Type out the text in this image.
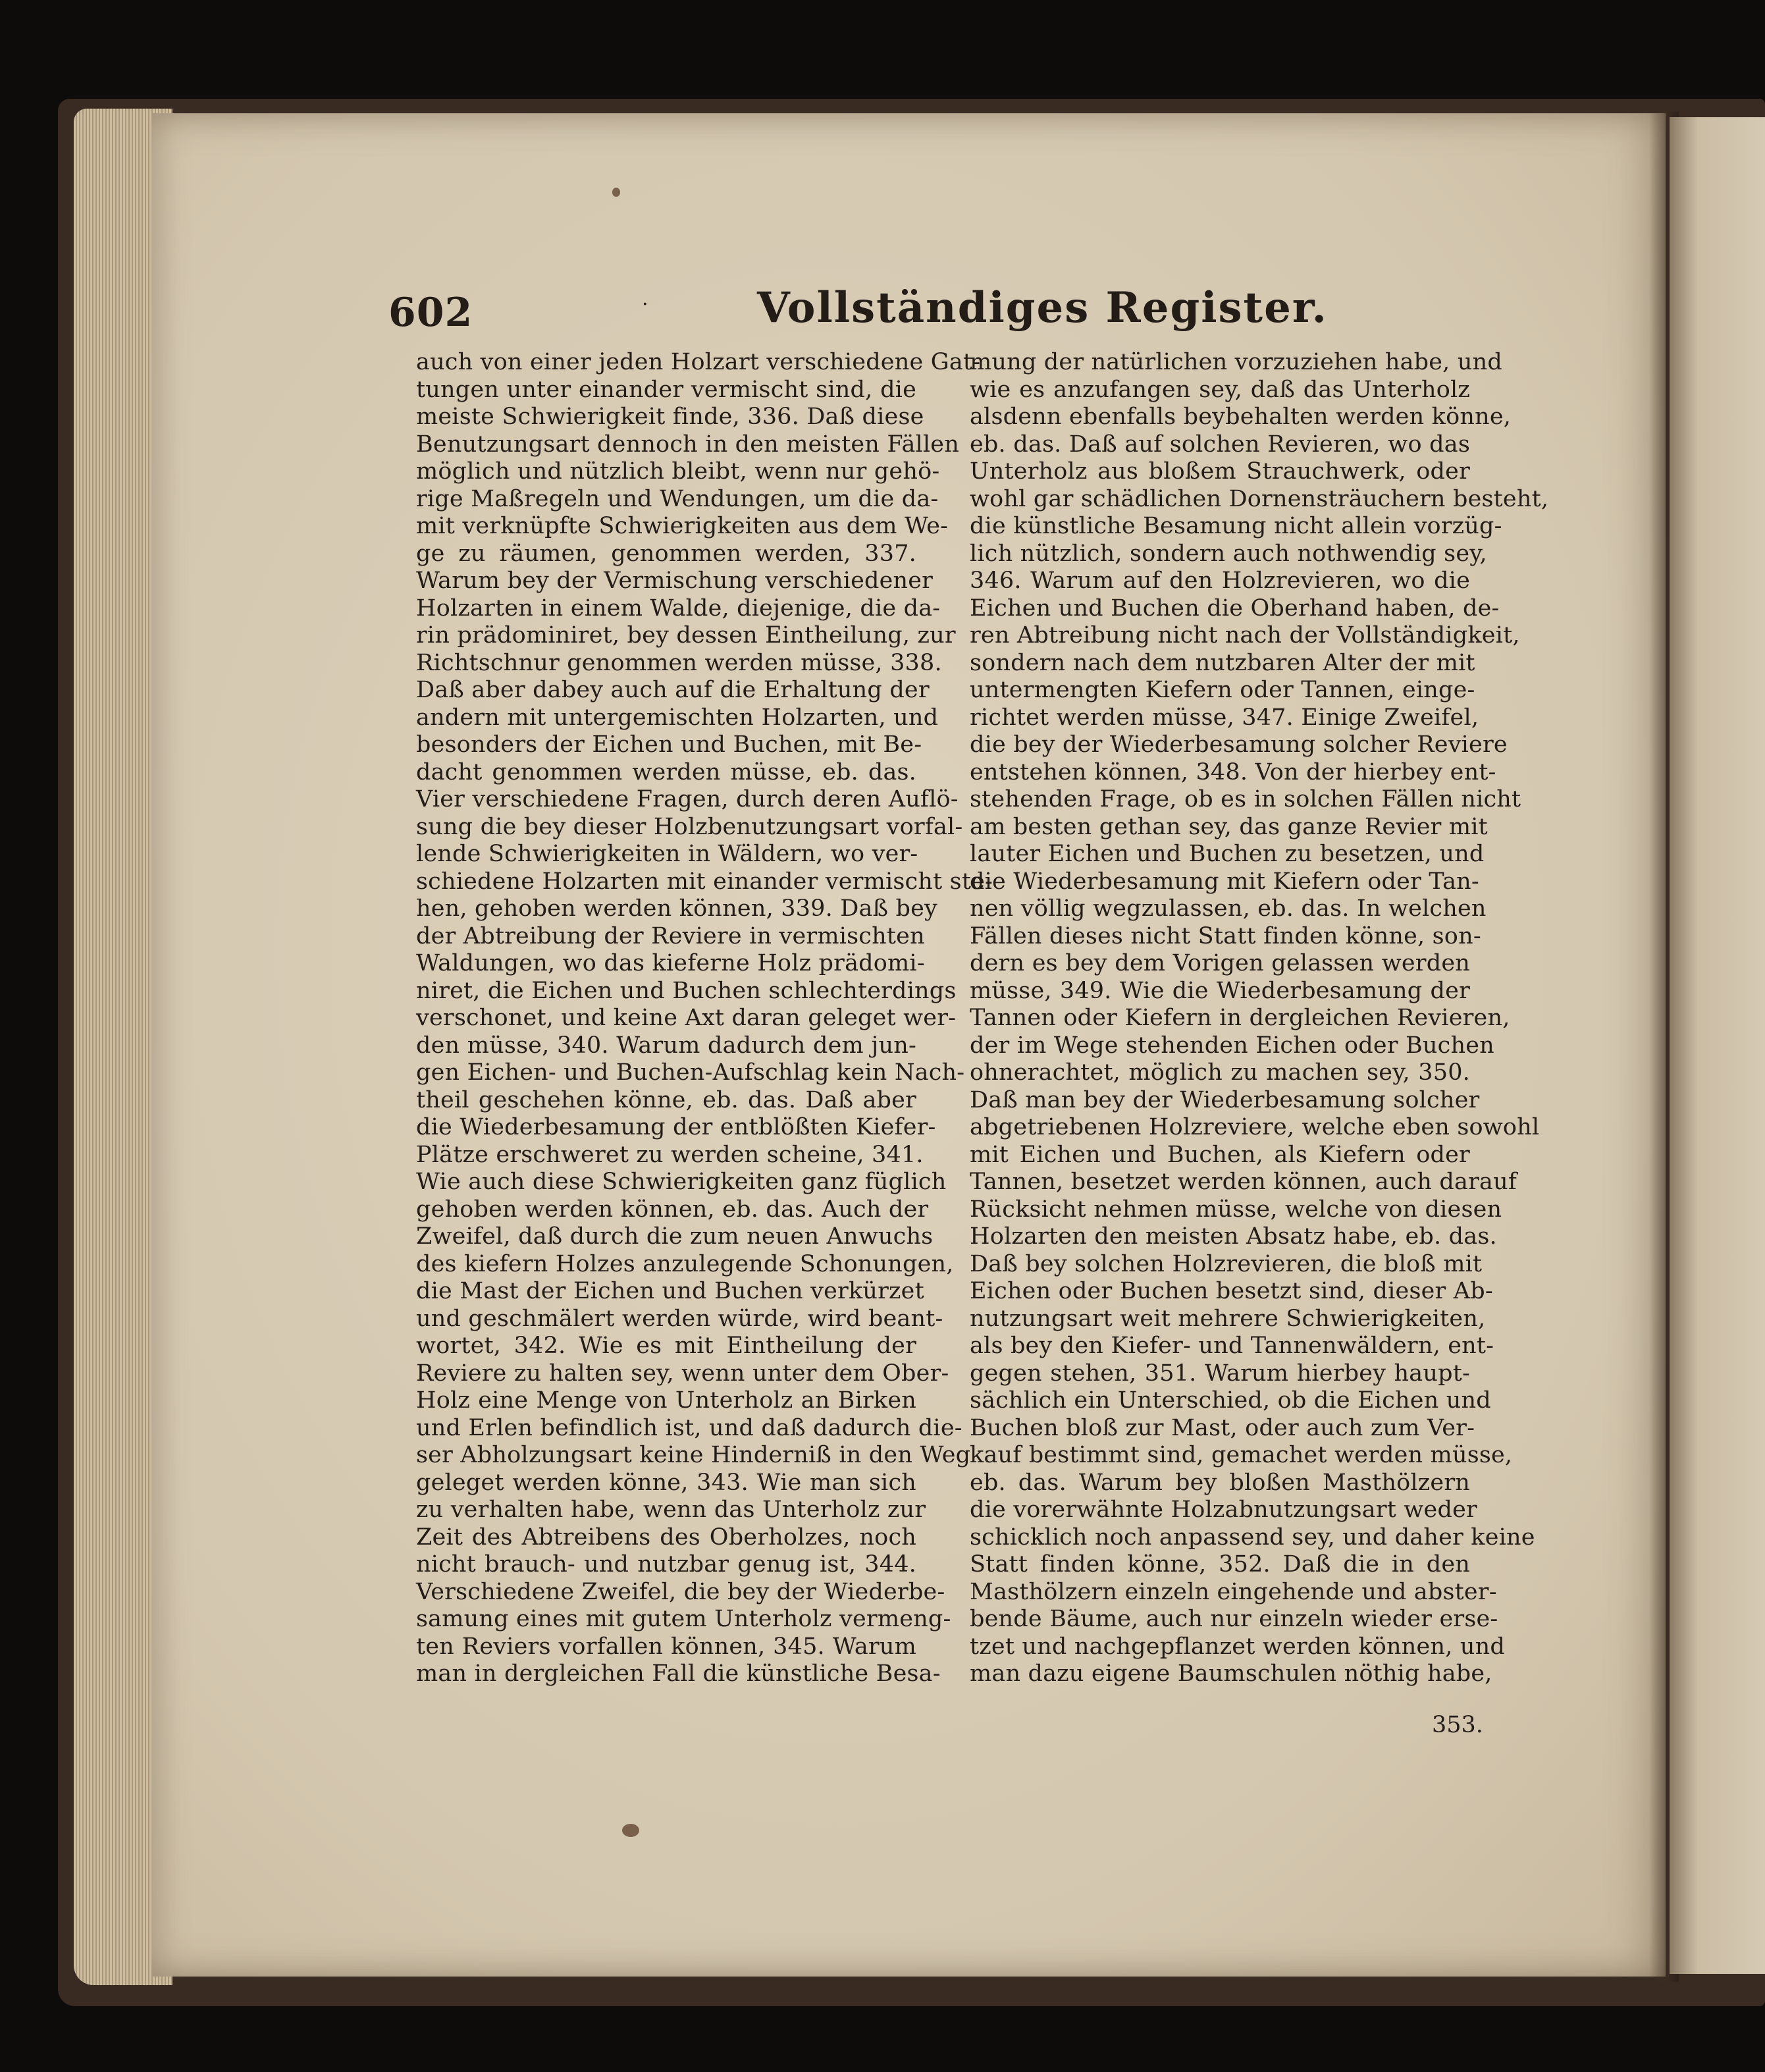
602	·	Vollständiges Register.
auch von einer jeden Holzart verschiedene Gat-
tungen unter einander vermischt sind, die
meiste Schwierigkeit finde, 336. Daß diese
Benutzungsart dennoch in den meisten Fällen
möglich und nützlich bleibt, wenn nur gehö-
rige Maßregeln und Wendungen, um die da-
mit verknüpfte Schwierigkeiten aus dem We-
ge zu räumen, genommen werden, 337.
Warum bey der Vermischung verschiedener
Holzarten in einem Walde, diejenige, die da-
rin prädominiret, bey dessen Eintheilung, zur
Richtschnur genommen werden müsse, 338.
Daß aber dabey auch auf die Erhaltung der
andern mit untergemischten Holzarten, und
besonders der Eichen und Buchen, mit Be-
dacht genommen werden müsse, eb. das.
Vier verschiedene Fragen, durch deren Auflö-
sung die bey dieser Holzbenutzungsart vorfal-
lende Schwierigkeiten in Wäldern, wo ver-
schiedene Holzarten mit einander vermischt ste-
hen, gehoben werden können, 339. Daß bey
der Abtreibung der Reviere in vermischten
Waldungen, wo das kieferne Holz prädomi-
niret, die Eichen und Buchen schlechterdings
verschonet, und keine Axt daran geleget wer-
den müsse, 340. Warum dadurch dem jun-
gen Eichen- und Buchen-Aufschlag kein Nach-
theil geschehen könne, eb. das. Daß aber
die Wiederbesamung der entblößten Kiefer-
Plätze erschweret zu werden scheine, 341.
Wie auch diese Schwierigkeiten ganz füglich
gehoben werden können, eb. das. Auch der
Zweifel, daß durch die zum neuen Anwuchs
des kiefern Holzes anzulegende Schonungen,
die Mast der Eichen und Buchen verkürzet
und geschmälert werden würde, wird beant-
wortet, 342. Wie es mit Eintheilung der
Reviere zu halten sey, wenn unter dem Ober-
Holz eine Menge von Unterholz an Birken
und Erlen befindlich ist, und daß dadurch die-
ser Abholzungsart keine Hinderniß in den Weg
geleget werden könne, 343. Wie man sich
zu verhalten habe, wenn das Unterholz zur
Zeit des Abtreibens des Oberholzes, noch
nicht brauch- und nutzbar genug ist, 344.
Verschiedene Zweifel, die bey der Wiederbe-
samung eines mit gutem Unterholz vermeng-
ten Reviers vorfallen können, 345. Warum
man in dergleichen Fall die künstliche Besa-
mung der natürlichen vorzuziehen habe, und
wie es anzufangen sey, daß das Unterholz
alsdenn ebenfalls beybehalten werden könne,
eb. das. Daß auf solchen Revieren, wo das
Unterholz aus bloßem Strauchwerk, oder
wohl gar schädlichen Dornensträuchern besteht,
die künstliche Besamung nicht allein vorzüg-
lich nützlich, sondern auch nothwendig sey,
346. Warum auf den Holzrevieren, wo die
Eichen und Buchen die Oberhand haben, de-
ren Abtreibung nicht nach der Vollständigkeit,
sondern nach dem nutzbaren Alter der mit
untermengten Kiefern oder Tannen, einge-
richtet werden müsse, 347. Einige Zweifel,
die bey der Wiederbesamung solcher Reviere
entstehen können, 348. Von der hierbey ent-
stehenden Frage, ob es in solchen Fällen nicht
am besten gethan sey, das ganze Revier mit
lauter Eichen und Buchen zu besetzen, und
die Wiederbesamung mit Kiefern oder Tan-
nen völlig wegzulassen, eb. das. In welchen
Fällen dieses nicht Statt finden könne, son-
dern es bey dem Vorigen gelassen werden
müsse, 349. Wie die Wiederbesamung der
Tannen oder Kiefern in dergleichen Revieren,
der im Wege stehenden Eichen oder Buchen
ohnerachtet, möglich zu machen sey, 350.
Daß man bey der Wiederbesamung solcher
abgetriebenen Holzreviere, welche eben sowohl
mit Eichen und Buchen, als Kiefern oder
Tannen, besetzet werden können, auch darauf
Rücksicht nehmen müsse, welche von diesen
Holzarten den meisten Absatz habe, eb. das.
Daß bey solchen Holzrevieren, die bloß mit
Eichen oder Buchen besetzt sind, dieser Ab-
nutzungsart weit mehrere Schwierigkeiten,
als bey den Kiefer- und Tannenwäldern, ent-
gegen stehen, 351. Warum hierbey haupt-
sächlich ein Unterschied, ob die Eichen und
Buchen bloß zur Mast, oder auch zum Ver-
kauf bestimmt sind, gemachet werden müsse,
eb. das. Warum bey bloßen Masthölzern
die vorerwähnte Holzabnutzungsart weder
schicklich noch anpassend sey, und daher keine
Statt finden könne, 352. Daß die in den
Masthölzern einzeln eingehende und abster-
bende Bäume, auch nur einzeln wieder erse-
tzet und nachgepflanzet werden können, und
man dazu eigene Baumschulen nöthig habe,
353.
